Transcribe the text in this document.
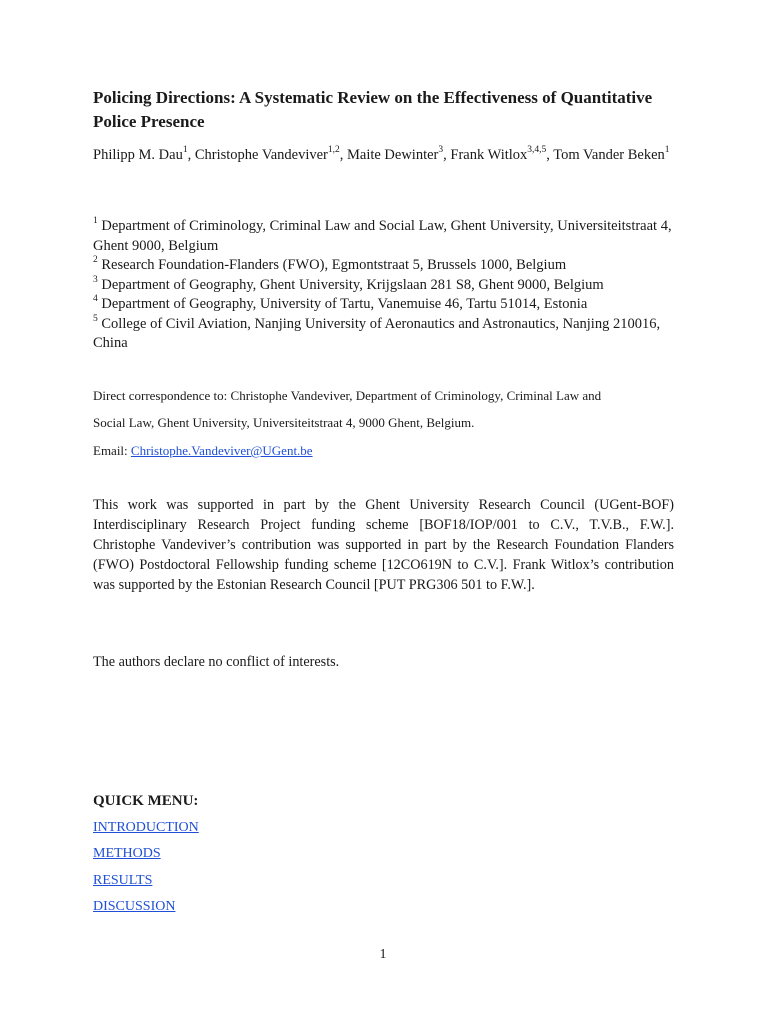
Policing Directions: A Systematic Review on the Effectiveness of Quantitative Police Presence
Philipp M. Dau$^1$, Christophe Vandeviver$^{1,2}$, Maite Dewinter$^3$, Frank Witlox$^{3,4,5}$, Tom Vander Beken$^1$
$^1$ Department of Criminology, Criminal Law and Social Law, Ghent University, Universiteitstraat 4, Ghent 9000, Belgium
$^2$ Research Foundation-Flanders (FWO), Egmontstraat 5, Brussels 1000, Belgium
$^3$ Department of Geography, Ghent University, Krijgslaan 281 S8, Ghent 9000, Belgium
$^4$ Department of Geography, University of Tartu, Vanemuise 46, Tartu 51014, Estonia
$^5$ College of Civil Aviation, Nanjing University of Aeronautics and Astronautics, Nanjing 210016, China
Direct correspondence to: Christophe Vandeviver, Department of Criminology, Criminal Law and
Social Law, Ghent University, Universiteitstraat 4, 9000 Ghent, Belgium.
Email: Christophe.Vandeviver@UGent.be
This work was supported in part by the Ghent University Research Council (UGent-BOF) Interdisciplinary Research Project funding scheme [BOF18/IOP/001 to C.V., T.V.B., F.W.]. Christophe Vandeviver’s contribution was supported in part by the Research Foundation Flanders (FWO) Postdoctoral Fellowship funding scheme [12CO619N to C.V.]. Frank Witlox’s contribution was supported by the Estonian Research Council [PUT PRG306 501 to F.W.].
The authors declare no conflict of interests.
QUICK MENU:
INTRODUCTION
METHODS
RESULTS
DISCUSSION
1
